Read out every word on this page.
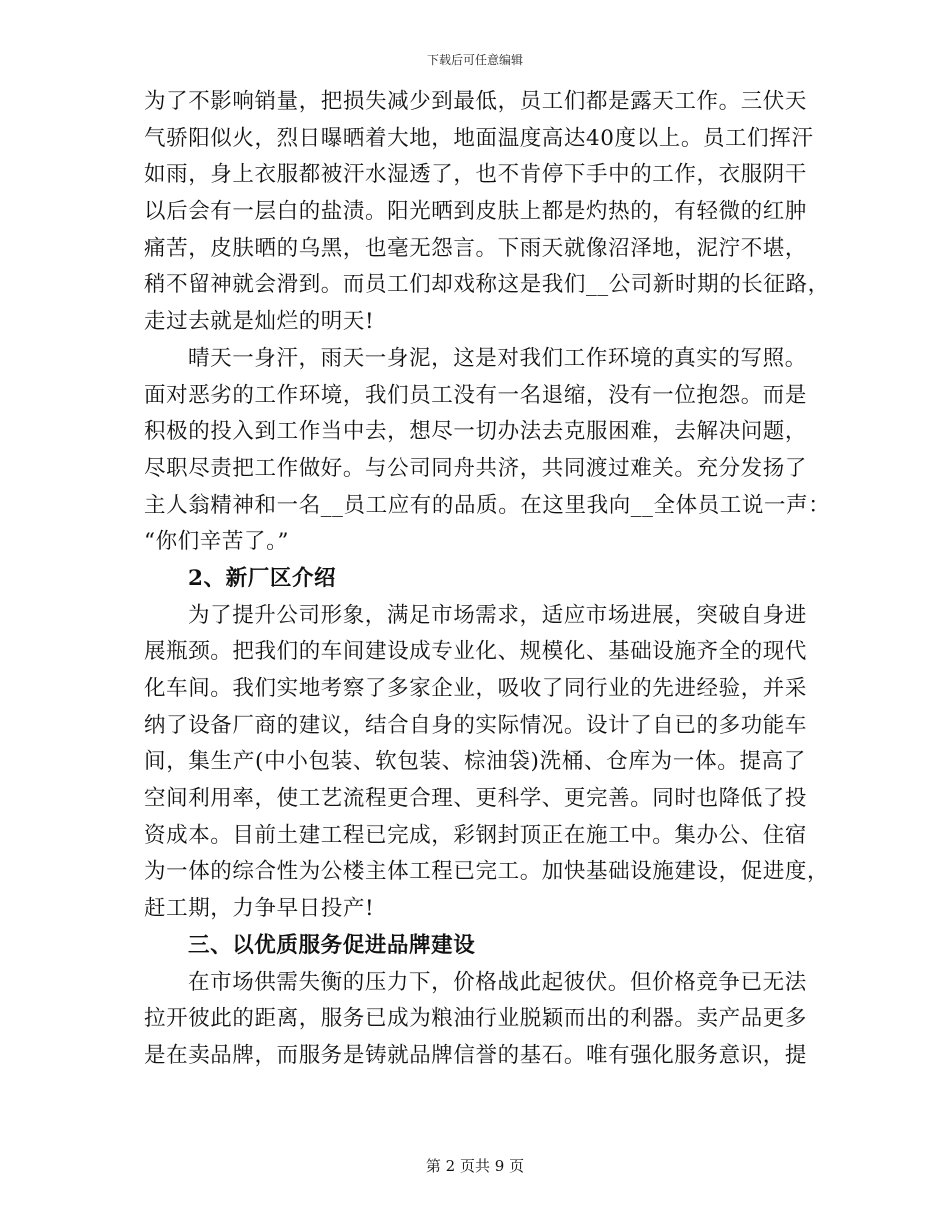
下载后可任意编辑
为了不影响销量，把损失减少到最低，员工们都是露天工作。三伏天
气骄阳似火，烈日曝晒着大地，地面温度高达40度以上。员工们挥汗
如雨，身上衣服都被汗水湿透了，也不肯停下手中的工作，衣服阴干
以后会有一层白的盐渍。阳光晒到皮肤上都是灼热的，有轻微的红肿
痛苦，皮肤晒的乌黑，也毫无怨言。下雨天就像沼泽地，泥泞不堪，
稍不留神就会滑到。而员工们却戏称这是我们__公司新时期的长征路，
走过去就是灿烂的明天!
晴天一身汗，雨天一身泥，这是对我们工作环境的真实的写照。
面对恶劣的工作环境，我们员工没有一名退缩，没有一位抱怨。而是
积极的投入到工作当中去，想尽一切办法去克服困难，去解决问题，
尽职尽责把工作做好。与公司同舟共济，共同渡过难关。充分发扬了
主人翁精神和一名__员工应有的品质。在这里我向__全体员工说一声：
“你们辛苦了。”
2、新厂区介绍
为了提升公司形象，满足市场需求，适应市场进展，突破自身进
展瓶颈。把我们的车间建设成专业化、规模化、基础设施齐全的现代
化车间。我们实地考察了多家企业，吸收了同行业的先进经验，并采
纳了设备厂商的建议，结合自身的实际情况。设计了自已的多功能车
间，集生产(中小包装、软包装、棕油袋)洗桶、仓库为一体。提高了
空间利用率，使工艺流程更合理、更科学、更完善。同时也降低了投
资成本。目前土建工程已完成，彩钢封顶正在施工中。集办公、住宿
为一体的综合性为公楼主体工程已完工。加快基础设施建设，促进度，
赶工期，力争早日投产!
三、以优质服务促进品牌建设
在市场供需失衡的压力下，价格战此起彼伏。但价格竞争已无法
拉开彼此的距离，服务已成为粮油行业脱颖而出的利器。卖产品更多
是在卖品牌，而服务是铸就品牌信誉的基石。唯有强化服务意识，提
第 2 页共 9 页
